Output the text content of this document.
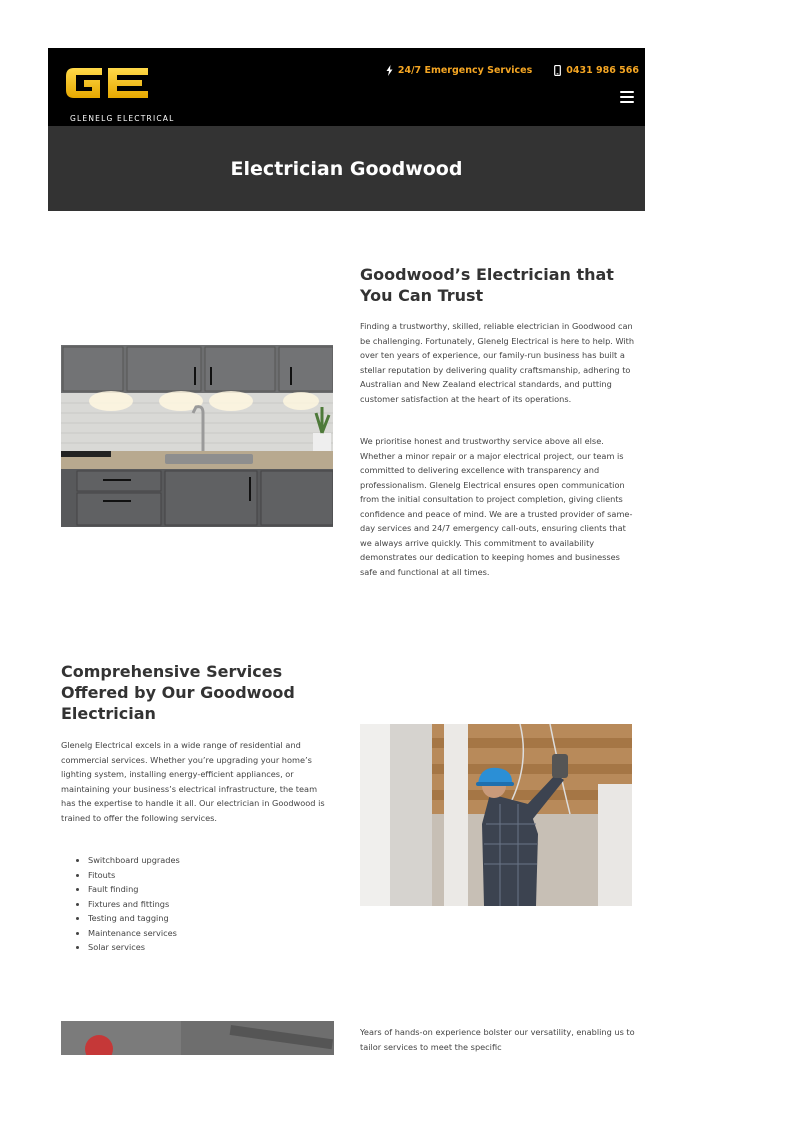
GLENELG ELECTRICAL
24/7 Emergency Services	0431 986 566
Electrician Goodwood
Goodwood’s Electrician that You Can Trust

Finding a trustworthy, skilled, reliable electrician in Goodwood can be challenging. Fortunately, Glenelg Electrical is here to help. With over ten years of experience, our family-run business has built a stellar reputation by delivering quality craftsmanship, adhering to Australian and New Zealand electrical standards, and putting customer satisfaction at the heart of its operations.

We prioritise honest and trustworthy service above all else. Whether a minor repair or a major electrical project, our team is committed to delivering excellence with transparency and professionalism. Glenelg Electrical ensures open communication from the initial consultation to project completion, giving clients confidence and peace of mind. We are a trusted provider of same-day services and 24/7 emergency call-outs, ensuring clients that we always arrive quickly. This commitment to availability demonstrates our dedication to keeping homes and businesses safe and functional at all times.

Comprehensive Services Offered by Our Goodwood Electrician

Glenelg Electrical excels in a wide range of residential and commercial services. Whether you’re upgrading your home’s lighting system, installing energy-efficient appliances, or maintaining your business’s electrical infrastructure, the team has the expertise to handle it all. Our electrician in Goodwood is trained to offer the following services.

• Switchboard upgrades
• Fitouts
• Fault finding
• Fixtures and fittings
• Testing and tagging
• Maintenance services
• Solar services

Years of hands-on experience bolster our versatility, enabling us to tailor services to meet the specific
